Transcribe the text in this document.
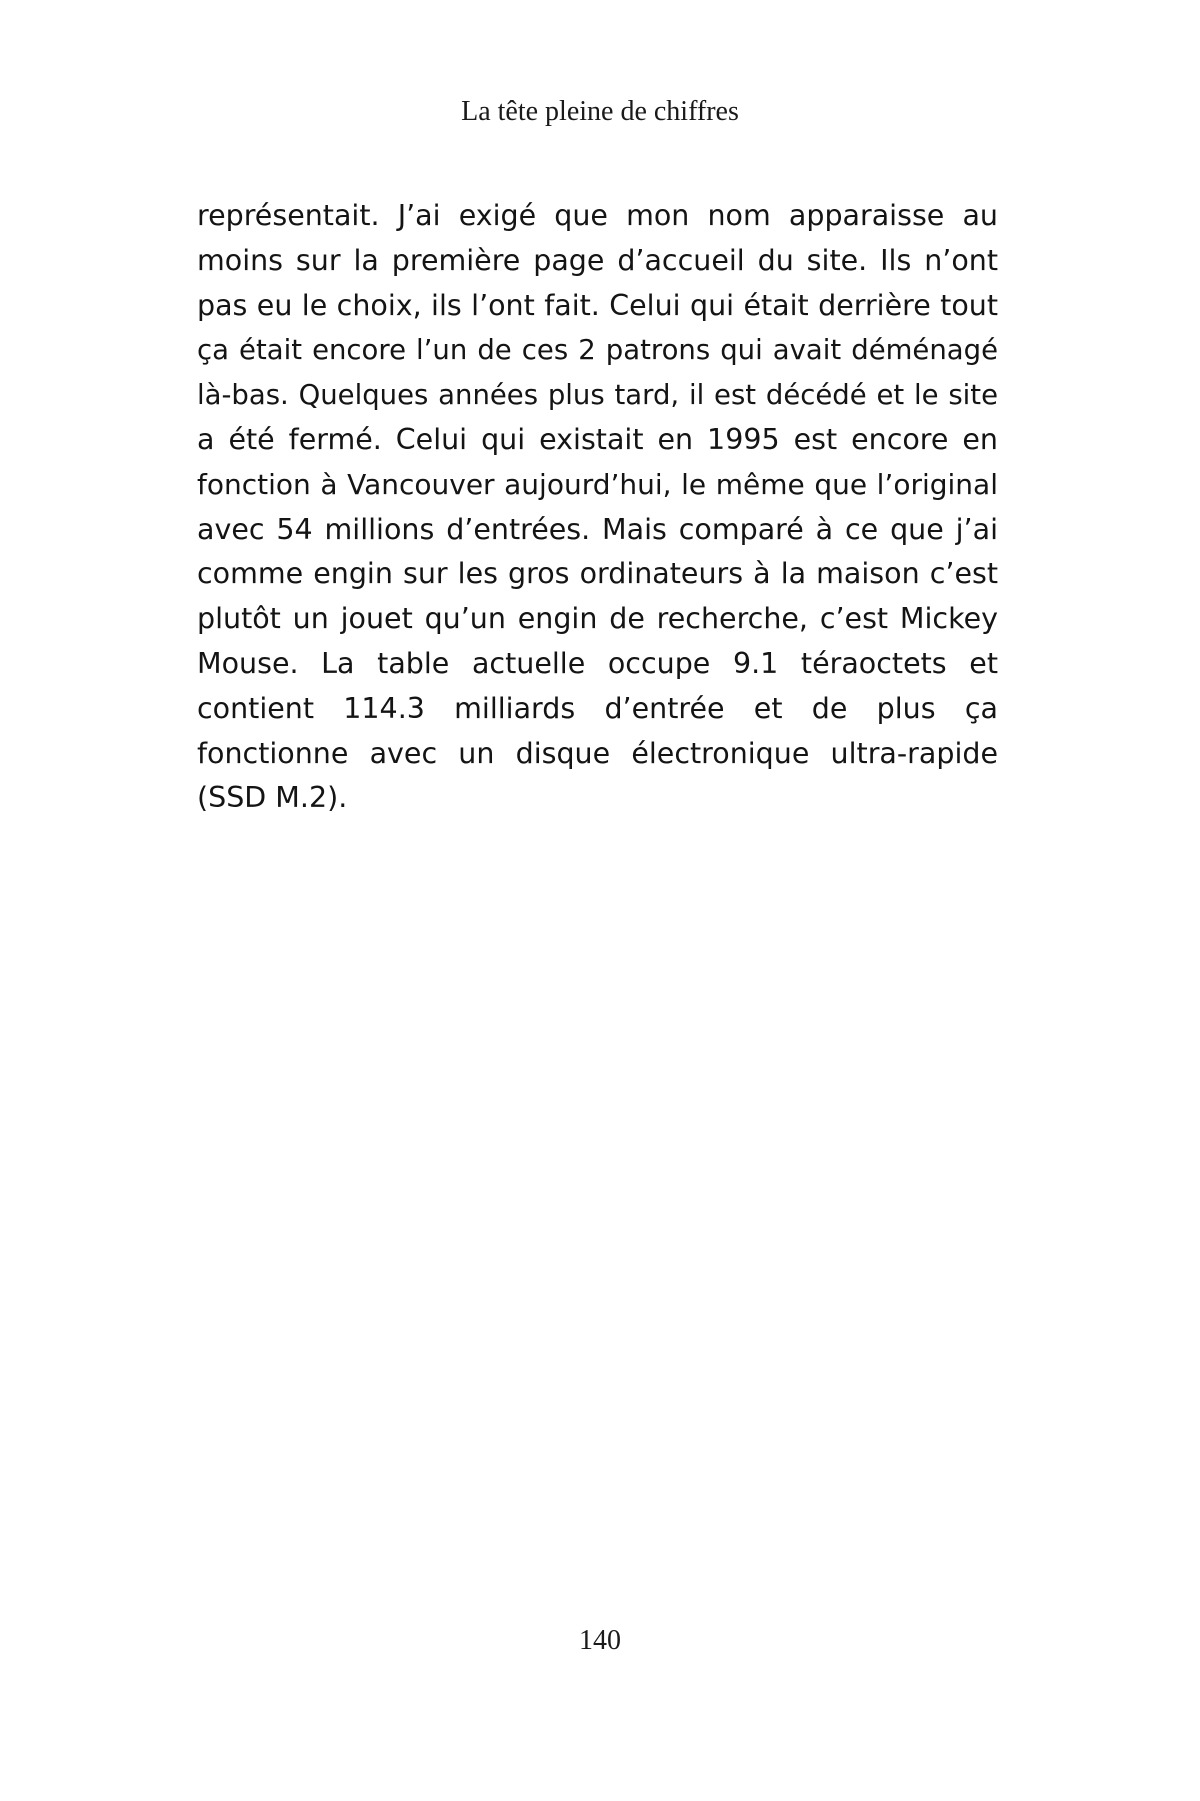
La tête pleine de chiffres

représentait. J’ai exigé que mon nom apparaisse au
moins sur la première page d’accueil du site. Ils n’ont
pas eu le choix, ils l’ont fait. Celui qui était derrière tout
ça était encore l’un de ces 2 patrons qui avait déménagé
là-bas. Quelques années plus tard, il est décédé et le site
a été fermé. Celui qui existait en 1995 est encore en
fonction à Vancouver aujourd’hui, le même que l’original
avec 54 millions d’entrées. Mais comparé à ce que j’ai
comme engin sur les gros ordinateurs à la maison c’est
plutôt un jouet qu’un engin de recherche, c’est Mickey
Mouse. La table actuelle occupe 9.1 téraoctets et
contient 114.3 milliards d’entrée et de plus ça
fonctionne avec un disque électronique ultra-rapide
(SSD M.2).

140
